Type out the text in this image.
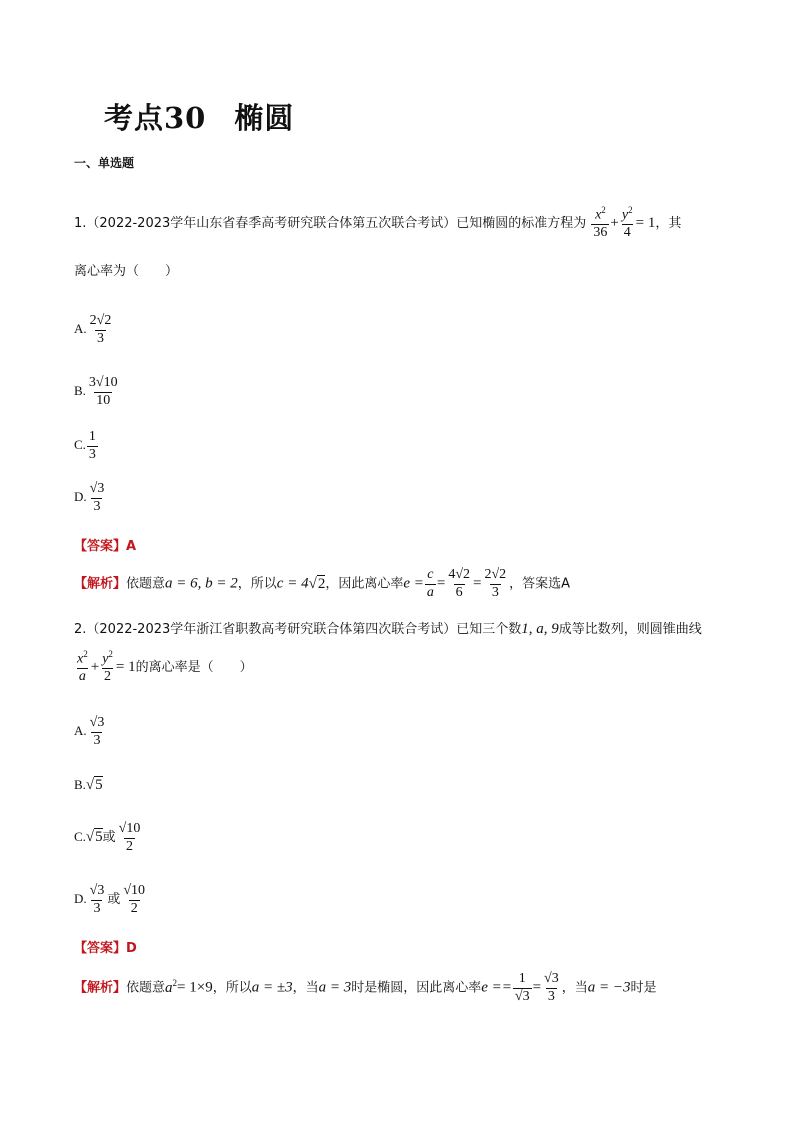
考点30 椭圆
一、单选题
1.（2022-2023学年山东省春季高考研究联合体第五次联合考试）已知椭圆的标准方程为 $\frac{x^2}{36} + \frac{y^2}{4} = 1$，其
离心率为（　　）
A. $\frac{2√2}{3}$
B. $\frac{3√10}{10}$
C. $\frac{1}{3}$
D. $\frac{√3}{3}$
【答案】A
【解析】依题意a = 6, b = 2，所以c = 4√2，因此离心率$e = \frac{c}{a} = \frac{4√2}{6} = \frac{2√2}{3}$ ，答案选A
2.（2022-2023学年浙江省职教高考研究联合体第四次联合考试）已知三个数1, a, 9成等比数列，则圆锥曲线
$\frac{x^2}{a} + \frac{y^2}{2} = 1$的离心率是（　　）
A. $\frac{√3}{3}$
B.√5
C.√5或 $\frac{√10}{2}$
D. $\frac{√3}{3}$ 或 $\frac{√10}{2}$
【答案】D
【解析】依题意$a^2= 1\times 9$，所以a = ±3，当a = 3时是椭圆，因此离心率$e == \frac{1}{√3} = \frac{√3}{3}$ ，当a = −3时是
